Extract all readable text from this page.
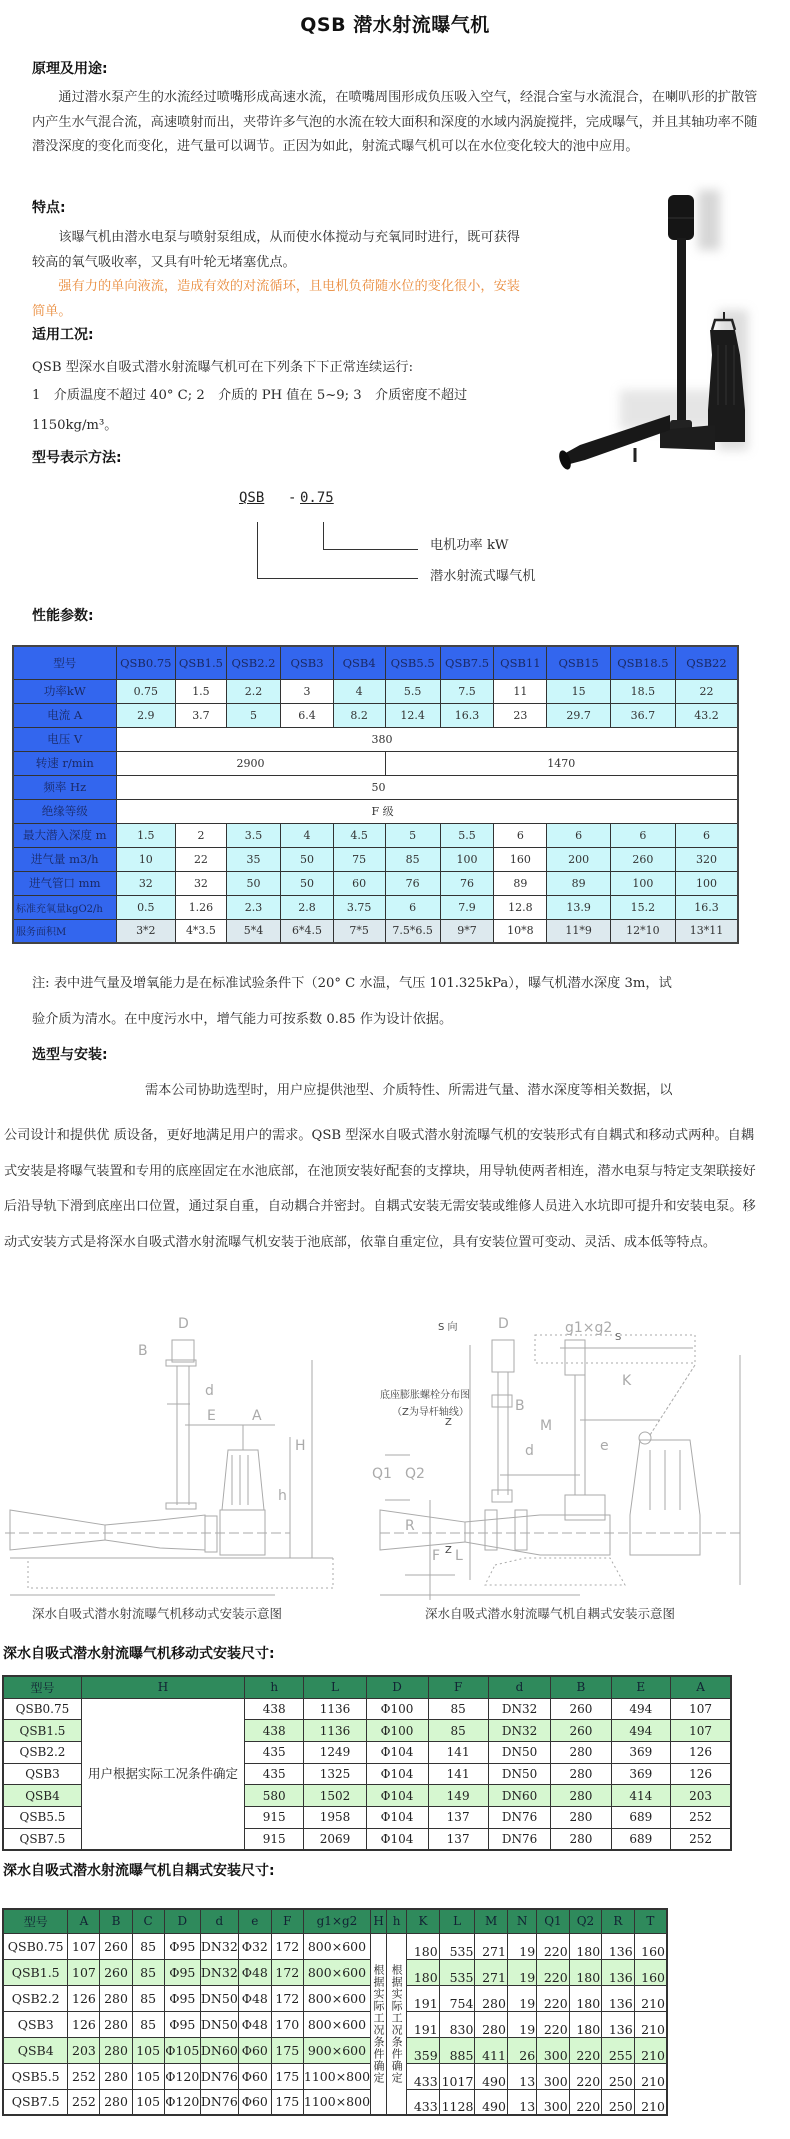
QSB 潜水射流曝气机
原理及用途:
通过潜水泵产生的水流经过喷嘴形成高速水流，在喷嘴周围形成负压吸入空气，经混合室与水流混合，在喇叭形的扩散管内产生水气混合流，高速喷射而出，夹带许多气泡的水流在较大面积和深度的水域内涡旋搅拌，完成曝气，并且其轴功率不随潜没深度的变化而变化，进气量可以调节。正因为如此，射流式曝气机可以在水位变化较大的池中应用。
特点:
该曝气机由潜水电泵与喷射泵组成，从而使水体搅动与充氧同时进行，既可获得较高的氧气吸收率，又具有叶轮无堵塞优点。
强有力的单向液流，造成有效的对流循环，且电机负荷随水位的变化很小，安装简单。
适用工况:
QSB 型深水自吸式潜水射流曝气机可在下列条下下正常连续运行:
1　介质温度不超过 40° C; 2　介质的 PH 值在 5~9; 3　介质密度不超过
1150kg/m³。
型号表示方法:
QSB - 0.75
电机功率 kW
潜水射流式曝气机
性能参数:
型号	QSB0.75	QSB1.5	QSB2.2	QSB3	QSB4	QSB5.5	QSB7.5	QSB11	QSB15	QSB18.5	QSB22
功率kW	0.75	1.5	2.2	3	4	5.5	7.5	11	15	18.5	22
电流 A	2.9	3.7	5	6.4	8.2	12.4	16.3	23	29.7	36.7	43.2
电压 V	380										
转速 r/min	2900					1470					
频率 Hz	50										
绝缘等级	F 级										
最大潜入深度 m	1.5	2	3.5	4	4.5	5	5.5	6	6	6	6
进气量 m3/h	10	22	35	50	75	85	100	160	200	260	320
进气管口 mm	32	32	50	50	60	76	76	89	89	100	100
标准充氧量kgO2/h	0.5	1.26	2.3	2.8	3.75	6	7.9	12.8	13.9	15.2	16.3
服务面积M	3*2	4*3.5	5*4	6*4.5	7*5	7.5*6.5	9*7	10*8	11*9	12*10	13*11
注: 表中进气量及增氧能力是在标准试验条件下（20° C 水温，气压 101.325kPa），曝气机潜水深度 3m，试
验介质为清水。在中度污水中，增气能力可按系数 0.85 作为设计依据。
选型与安装:
需本公司协助选型时，用户应提供池型、介质特性、所需进气量、潜水深度等相关数据，以
公司设计和提供优 质设备，更好地满足用户的需求。QSB 型深水自吸式潜水射流曝气机的安装形式有自耦式和移动式两种。自耦式安装是将曝气装置和专用的底座固定在水池底部，在池顶安装好配套的支撑块，用导轨使两者相连，潜水电泵与特定支架联接好后沿导轨下滑到底座出口位置，通过泵自重，自动耦合并密封。自耦式安装无需安装或维修人员进入水坑即可提升和安装电泵。移动式安装方式是将深水自吸式潜水射流曝气机安装于池底部，依靠自重定位，具有安装位置可变动、灵活、成本低等特点。
D
B
d
E	A
H
h
D
B
g1×g2
K
M
d	e
F L
Q1 Q2
R
S
S 向
底座膨胀螺栓分布图
（Z为导杆轴线）
Z
Z
深水自吸式潜水射流曝气机移动式安装示意图	深水自吸式潜水射流曝气机自耦式安装示意图
深水自吸式潜水射流曝气机移动式安装尺寸:
型号	H	h	L	D	F	d	B	E	A
QSB0.75	用户根据实际工况条件确定	438	1136	Φ100	85	DN32	260	494	107
QSB1.5		438	1136	Φ100	85	DN32	260	494	107
QSB2.2		435	1249	Φ104	141	DN50	280	369	126
QSB3		435	1325	Φ104	141	DN50	280	369	126
QSB4		580	1502	Φ104	149	DN60	280	414	203
QSB5.5		915	1958	Φ104	137	DN76	280	689	252
QSB7.5		915	2069	Φ104	137	DN76	280	689	252
深水自吸式潜水射流曝气机自耦式安装尺寸:
型号	A	B	C	D	d	e	F	g1×g2	H	h	K	L	M	N	Q1	Q2	R	T
QSB0.75	107	260	85	Φ95	DN32	Φ32	172	800×600	根据实际工况条件确定	根据实际工况条件确定	180	535	271	19	220	180	136	160
QSB1.5	107	260	85	Φ95	DN32	Φ48	172	800×600			180	535	271	19	220	180	136	160
QSB2.2	126	280	85	Φ95	DN50	Φ48	172	800×600			191	754	280	19	220	180	136	210
QSB3	126	280	85	Φ95	DN50	Φ48	170	800×600			191	830	280	19	220	180	136	210
QSB4	203	280	105	Φ105	DN60	Φ60	175	900×600			359	885	411	26	300	220	255	210
QSB5.5	252	280	105	Φ120	DN76	Φ60	175	1100×800			433	1017	490	13	300	220	250	210
QSB7.5	252	280	105	Φ120	DN76	Φ60	175	1100×800			433	1128	490	13	300	220	250	210
